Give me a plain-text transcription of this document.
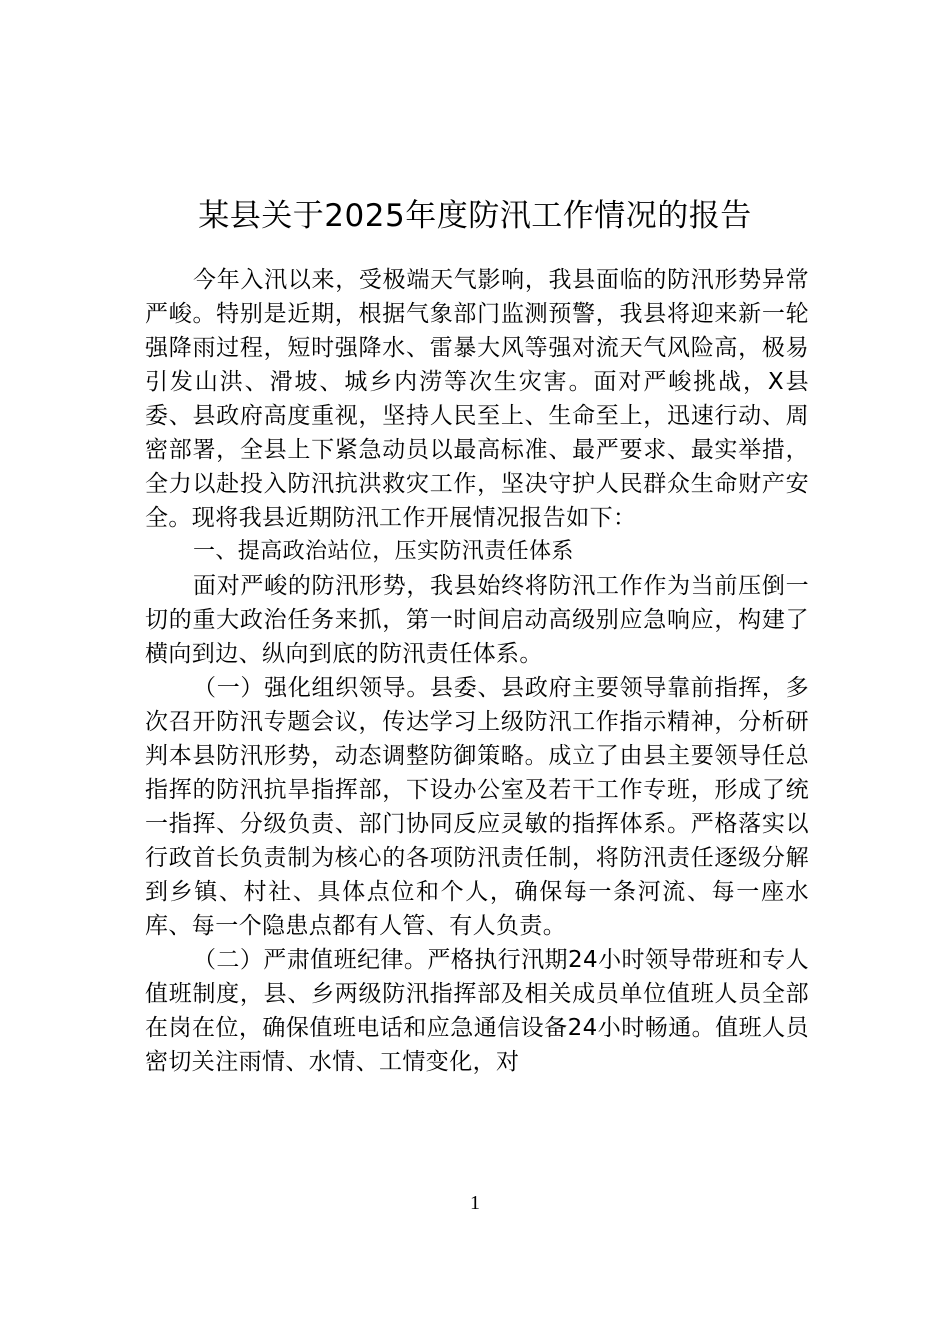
某县关于2025年度防汛工作情况的报告

今年入汛以来，受极端天气影响，我县面临的防汛形势异常严峻。特别是近期，根据气象部门监测预警，我县将迎来新一轮强降雨过程，短时强降水、雷暴大风等强对流天气风险高，极易引发山洪、滑坡、城乡内涝等次生灾害。面对严峻挑战，X县委、县政府高度重视，坚持人民至上、生命至上，迅速行动、周密部署，全县上下紧急动员以最高标准、最严要求、最实举措，全力以赴投入防汛抗洪救灾工作，坚决守护人民群众生命财产安全。现将我县近期防汛工作开展情况报告如下：

一、提高政治站位，压实防汛责任体系

面对严峻的防汛形势，我县始终将防汛工作作为当前压倒一切的重大政治任务来抓，第一时间启动高级别应急响应，构建了横向到边、纵向到底的防汛责任体系。

（一）强化组织领导。县委、县政府主要领导靠前指挥，多次召开防汛专题会议，传达学习上级防汛工作指示精神，分析研判本县防汛形势，动态调整防御策略。成立了由县主要领导任总指挥的防汛抗旱指挥部，下设办公室及若干工作专班，形成了统一指挥、分级负责、部门协同反应灵敏的指挥体系。严格落实以行政首长负责制为核心的各项防汛责任制，将防汛责任逐级分解到乡镇、村社、具体点位和个人，确保每一条河流、每一座水库、每一个隐患点都有人管、有人负责。

（二）严肃值班纪律。严格执行汛期24小时领导带班和专人值班制度，县、乡两级防汛指挥部及相关成员单位值班人员全部在岗在位，确保值班电话和应急通信设备24小时畅通。值班人员密切关注雨情、水情、工情变化，对

1
